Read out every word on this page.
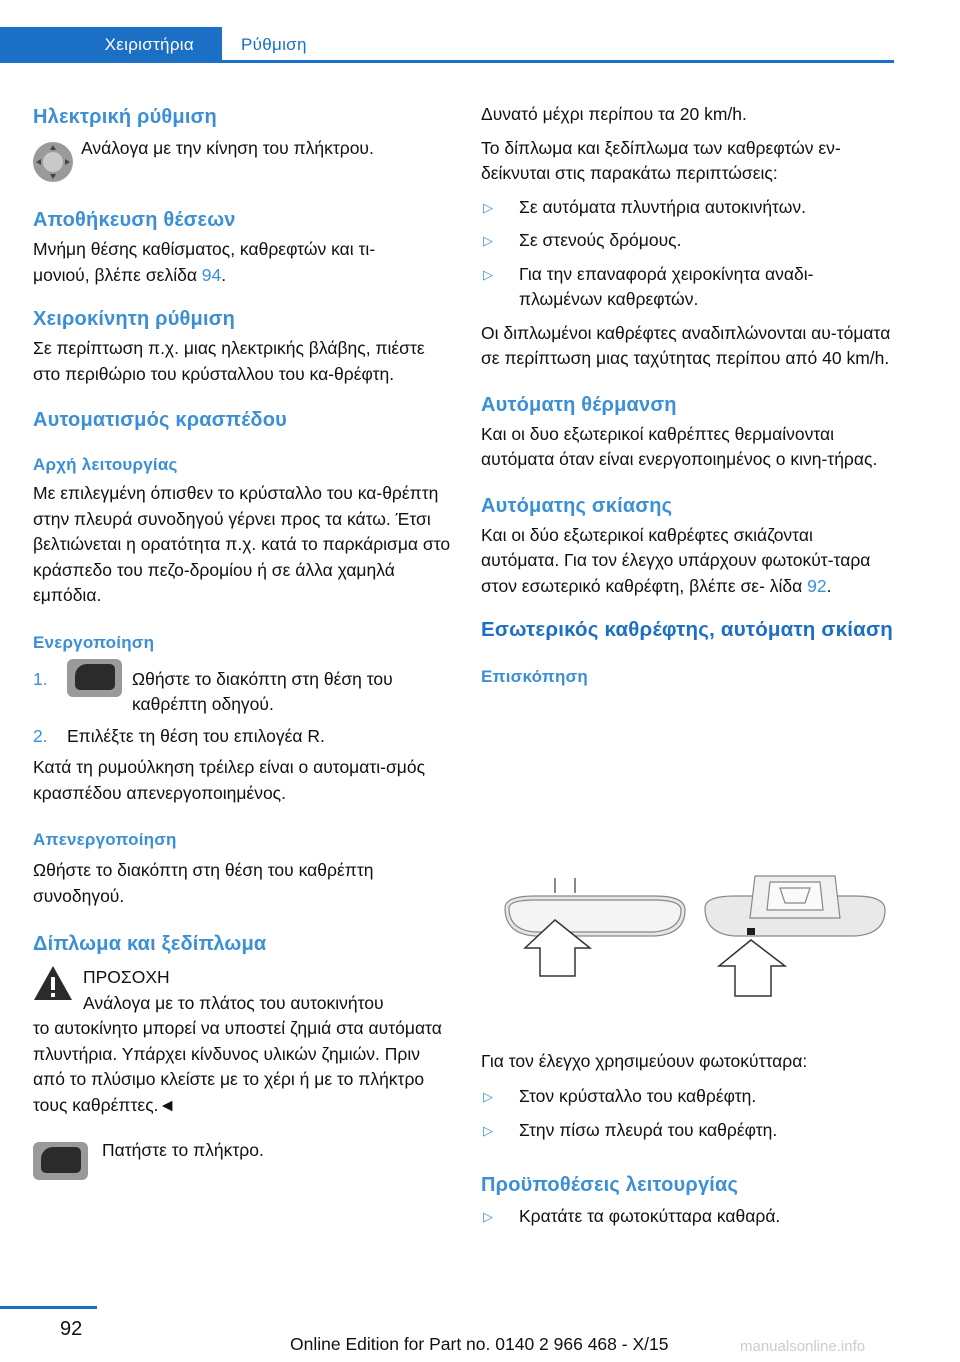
Χειριστήρια	Ρύθμιση
Ηλεκτρική ρύθμιση

Ανάλογα με την κίνηση του πλήκτρου.

Αποθήκευση θέσεων

Μνήμη θέσης καθίσματος, καθρεφτών και τι-
μονιού, βλέπε σελίδα 94.

Χειροκίνητη ρύθμιση

Σε περίπτωση π.χ. μιας ηλεκτρικής βλάβης, πιέστε στο περιθώριο του κρύσταλλου του κα-θρέφτη.

Αυτοματισμός κρασπέδου
Αρχή λειτουργίας

Με επιλεγμένη όπισθεν το κρύσταλλο του κα-θρέπτη στην πλευρά συνοδηγού γέρνει προς τα κάτω. Έτσι βελτιώνεται η ορατότητα π.χ. κατά το παρκάρισμα στο κράσπεδο του πεζο-δρομίου ή σε άλλα χαμηλά εμπόδια.

Ενεργοποίηση
1.	Ωθήστε το διακόπτη στη θέση του καθρέπτη οδηγού.
2. Επιλέξτε τη θέση του επιλογέα R.

Κατά τη ρυμούλκηση τρέιλερ είναι ο αυτοματι-σμός κρασπέδου απενεργοποιημένος.

Απενεργοποίηση

Ωθήστε το διακόπτη στη θέση του καθρέπτη συνοδηγού.

Δίπλωμα και ξεδίπλωμα

ΠΡΟΣΟΧΗ

Ανάλογα με το πλάτος του αυτοκινήτου

το αυτοκίνητο μπορεί να υποστεί ζημιά στα αυτόματα πλυντήρια. Υπάρχει κίνδυνος υλικών ζημιών. Πριν από το πλύσιμο κλείστε με το χέρι ή με το πλήκτρο τους καθρέπτες.◄

Πατήστε το πλήκτρο.

Δυνατό μέχρι περίπου τα 20 km/h.

Το δίπλωμα και ξεδίπλωμα των καθρεφτών εν-δείκνυται στις παρακάτω περιπτώσεις:

▷ Σε αυτόματα πλυντήρια αυτοκινήτων.
▷ Σε στενούς δρόμους.
▷ Για την επαναφορά χειροκίνητα αναδι-πλωμένων καθρεφτών.

Οι διπλωμένοι καθρέφτες αναδιπλώνονται αυ-τόματα σε περίπτωση μιας ταχύτητας περίπου από 40 km/h.

Αυτόματη θέρμανση

Και οι δυο εξωτερικοί καθρέπτες θερμαίνονται αυτόματα όταν είναι ενεργοποιημένος ο κινη-τήρας.

Αυτόματης σκίασης

Και οι δύο εξωτερικοί καθρέφτες σκιάζονται αυτόματα. Για τον έλεγχο υπάρχουν φωτοκύτ-ταρα στον εσωτερικό καθρέφτη, βλέπε σε- λίδα 92.

Εσωτερικός καθρέφτης, αυτόματη σκίαση
Επισκόπηση

Για τον έλεγχο χρησιμεύουν φωτοκύτταρα:

▷ Στον κρύσταλλο του καθρέφτη.
▷ Στην πίσω πλευρά του καθρέφτη.
Προϋποθέσεις λειτουργίας
▷ Κρατάτε τα φωτοκύτταρα καθαρά.
92
Online Edition for Part no. 0140 2 966 468 - X/15	manualsonline.info
